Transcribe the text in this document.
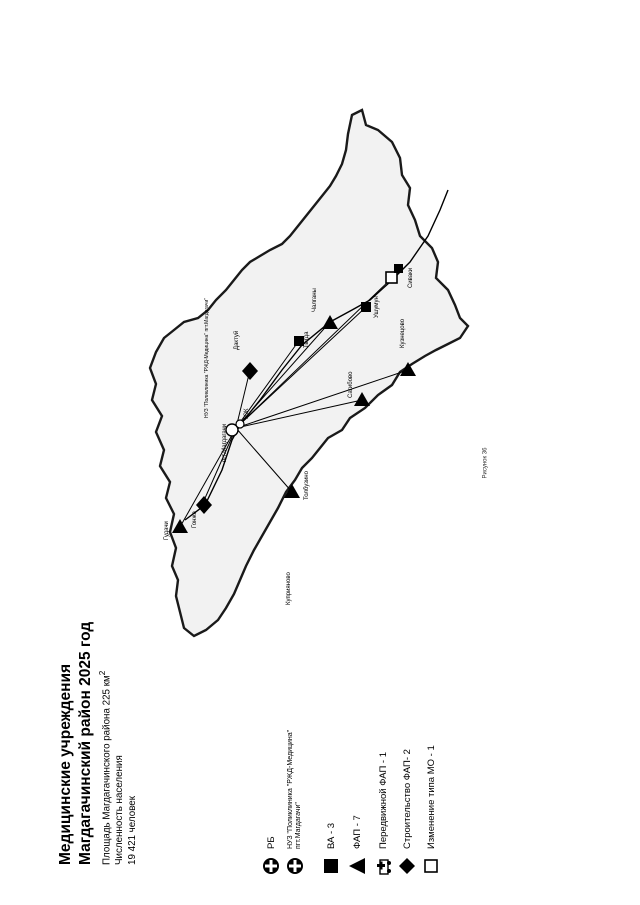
Рисунок 36
Гудачи
Гонжа
пгт.Магдагачи
НУЗ "Поликлиника "РЖД-Медицина" пгт.Магдагачи"	ТОК
Дактуй	Тыгда
Чалганы	Ушумун
Сиваки
Кузнецово
Толбузино
Сагибово
Куприяново
Медицинские учреждения Магдагачинский район 2025 год Площадь Магдагачинского района 225 $км^2$
Численность населения 19 421 человек	РБ НУЗ "Поликлиника "РЖД-Медицина" пгт.Магдагачи" ВА - 3 ФАП - 7 Передвижной ФАП - 1 Строительство ФАП- 2 Изменение типа МО - 1
